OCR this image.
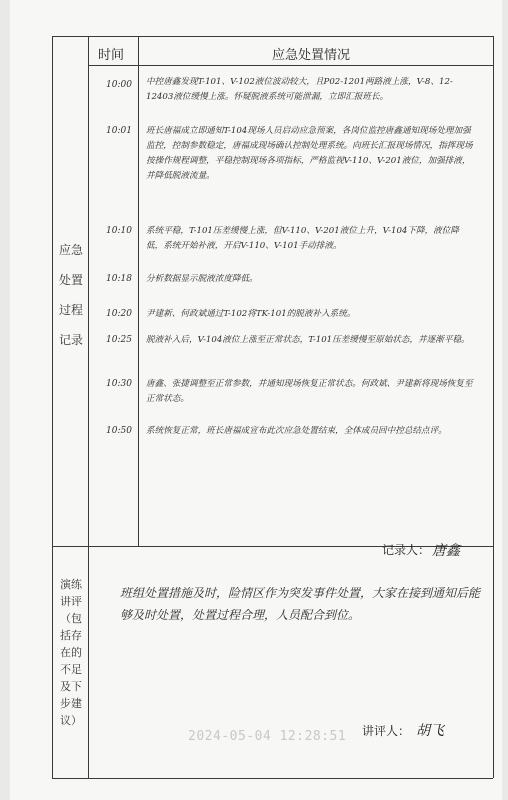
时间	应急处置情况
应急
处置
过程
记录
演练
讲评
（包
括存
在的
不足
及下
步建
议）
10:00	中控唐鑫发现T-101、V-102液位波动较大，且P02-1201两路液上涨，V-8、12-12403液位缓慢上涨。怀疑脱液系统可能泄漏，立即汇报班长。
10:01	班长唐福成立即通知T-104现场人员启动应急预案，各岗位监控唐鑫通知现场处理加强监控，控制参数稳定，唐福成现场确认控制处理系统。向班长汇报现场情况，指挥现场按操作规程调整，平稳控制现场各项指标，严格监视V-110、V-201液位，加强排液，并降低脱液流量。
10:10	系统平稳，T-101压差缓慢上涨，但V-110、V-201液位上升，V-104下降，液位降低，系统开始补液，开启V-110、V-101手动排液。
10:18	分析数据显示脱液浓度降低。
10:20	尹建新、何政斌通过T-102将TK-101的脱液补入系统。
10:25	脱液补入后，V-104液位上涨至正常状态，T-101压差缓慢至原始状态，并逐渐平稳。
10:30	唐鑫、张捷调整至正常参数，并通知现场恢复正常状态。何政斌、尹建新将现场恢复至正常状态。
10:50	系统恢复正常，班长唐福成宣布此次应急处置结束，全体成员回中控总结点评。
记录人： 唐鑫
班组处置措施及时，险情区作为突发事件处置，大家在接到通知后能够及时处置，处置过程合理，人员配合到位。
讲评人： 胡飞
2024-05-04 12:28:51
